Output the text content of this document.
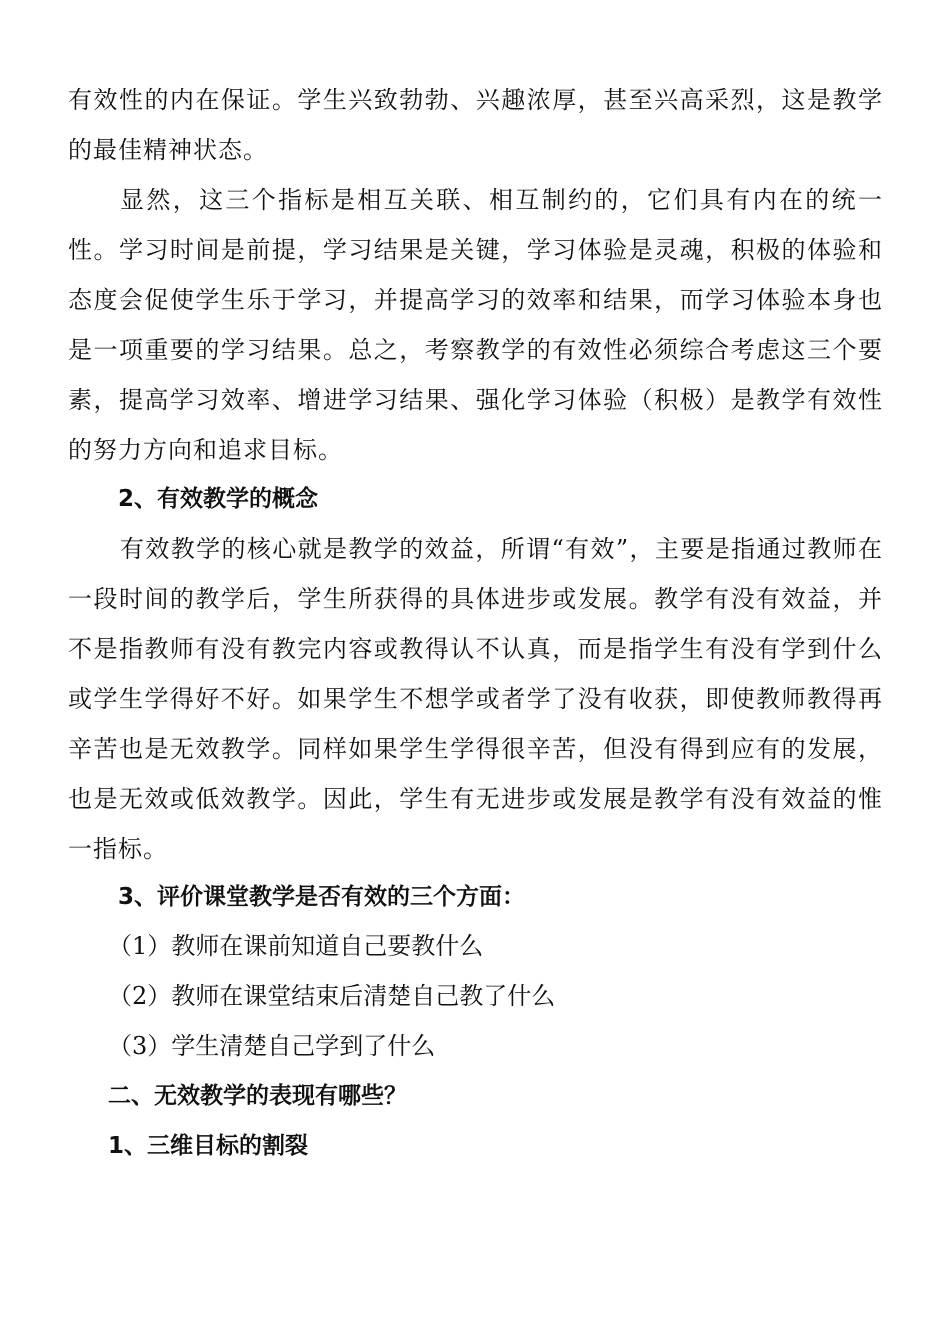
有效性的内在保证。学生兴致勃勃、兴趣浓厚，甚至兴高采烈，这是教学的最佳精神状态。
显然，这三个指标是相互关联、相互制约的，它们具有内在的统一性。学习时间是前提，学习结果是关键，学习体验是灵魂，积极的体验和态度会促使学生乐于学习，并提高学习的效率和结果，而学习体验本身也是一项重要的学习结果。总之，考察教学的有效性必须综合考虑这三个要素，提高学习效率、增进学习结果、强化学习体验（积极）是教学有效性的努力方向和追求目标。
2、有效教学的概念
有效教学的核心就是教学的效益，所谓“有效”，主要是指通过教师在一段时间的教学后，学生所获得的具体进步或发展。教学有没有效益，并不是指教师有没有教完内容或教得认不认真，而是指学生有没有学到什么或学生学得好不好。如果学生不想学或者学了没有收获，即使教师教得再辛苦也是无效教学。同样如果学生学得很辛苦，但没有得到应有的发展，也是无效或低效教学。因此，学生有无进步或发展是教学有没有效益的惟一指标。
3、评价课堂教学是否有效的三个方面：
（1）教师在课前知道自己要教什么
（2）教师在课堂结束后清楚自己教了什么
（3）学生清楚自己学到了什么
二、无效教学的表现有哪些？
1、三维目标的割裂
